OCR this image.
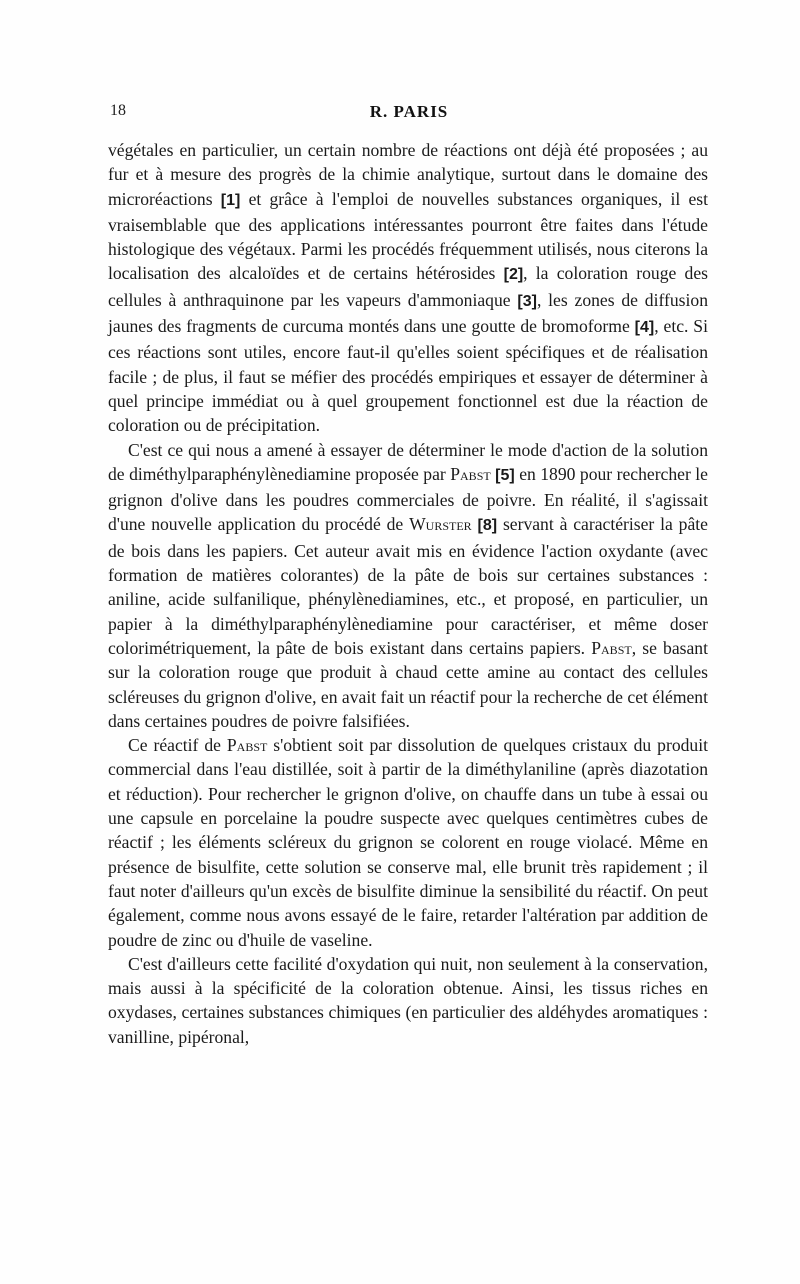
18	R. PARIS

végétales en particulier, un certain nombre de réactions ont déjà été proposées ; au fur et à mesure des progrès de la chimie analytique, surtout dans le domaine des microréactions [1] et grâce à l'emploi de nouvelles substances organiques, il est vraisemblable que des applications intéressantes pourront être faites dans l'étude histologique des végétaux. Parmi les procédés fréquemment utilisés, nous citerons la localisation des alcaloïdes et de certains hétérosides [2], la coloration rouge des cellules à anthraquinone par les vapeurs d'ammoniaque [3], les zones de diffusion jaunes des fragments de curcuma montés dans une goutte de bromoforme [4], etc. Si ces réactions sont utiles, encore faut-il qu'elles soient spécifiques et de réalisation facile ; de plus, il faut se méfier des procédés empiriques et essayer de déterminer à quel principe immédiat ou à quel groupement fonctionnel est due la réaction de coloration ou de précipitation.

C'est ce qui nous a amené à essayer de déterminer le mode d'action de la solution de diméthylparaphénylènediamine proposée par Pabst [5] en 1890 pour rechercher le grignon d'olive dans les poudres commerciales de poivre. En réalité, il s'agissait d'une nouvelle application du procédé de Wurster [8] servant à caractériser la pâte de bois dans les papiers. Cet auteur avait mis en évidence l'action oxydante (avec formation de matières colorantes) de la pâte de bois sur certaines substances : aniline, acide sulfanilique, phénylènediamines, etc., et proposé, en particulier, un papier à la diméthylparaphénylènediamine pour caractériser, et même doser colorimétriquement, la pâte de bois existant dans certains papiers. Pabst, se basant sur la coloration rouge que produit à chaud cette amine au contact des cellules scléreuses du grignon d'olive, en avait fait un réactif pour la recherche de cet élément dans certaines poudres de poivre falsifiées.

Ce réactif de Pabst s'obtient soit par dissolution de quelques cristaux du produit commercial dans l'eau distillée, soit à partir de la diméthylaniline (après diazotation et réduction). Pour rechercher le grignon d'olive, on chauffe dans un tube à essai ou une capsule en porcelaine la poudre suspecte avec quelques centimètres cubes de réactif ; les éléments scléreux du grignon se colorent en rouge violacé. Même en présence de bisulfite, cette solution se conserve mal, elle brunit très rapidement ; il faut noter d'ailleurs qu'un excès de bisulfite diminue la sensibilité du réactif. On peut également, comme nous avons essayé de le faire, retarder l'altération par addition de poudre de zinc ou d'huile de vaseline.

C'est d'ailleurs cette facilité d'oxydation qui nuit, non seulement à la conservation, mais aussi à la spécificité de la coloration obtenue. Ainsi, les tissus riches en oxydases, certaines substances chimiques (en particulier des aldéhydes aromatiques : vanilline, pipéronal,
